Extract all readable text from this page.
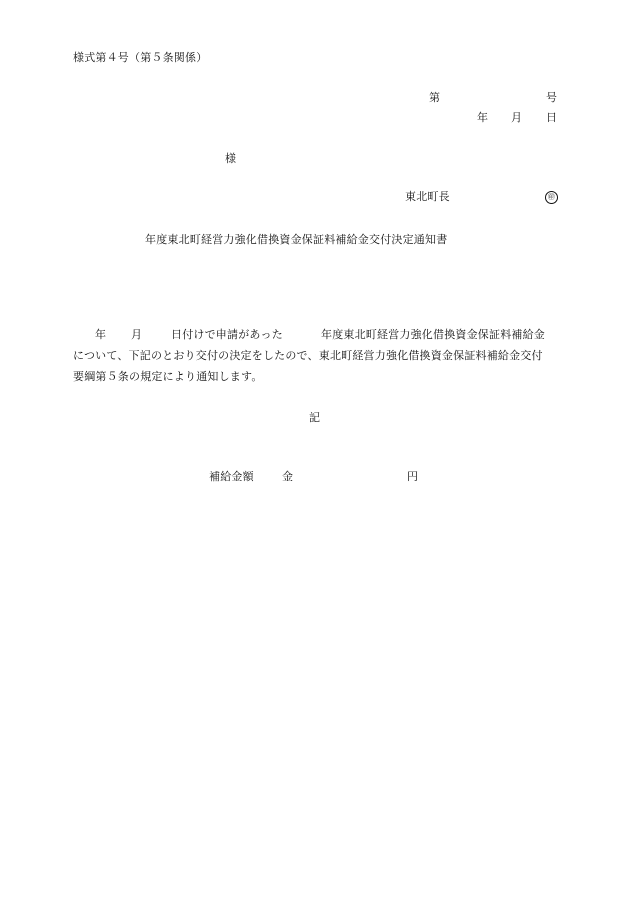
様式第４号（第５条関係）
第	号
年 月 日
様
東北町長	㊞
年度東北町経営力強化借換資金保証料補給金交付決定通知書
年 月	日付けで申請があった	年度東北町経営力強化借換資金保証料補給金
について、下記のとおり交付の決定をしたので、東北町経営力強化借換資金保証料補給金交付
要綱第５条の規定により通知します。
記
補給金額	金	円
